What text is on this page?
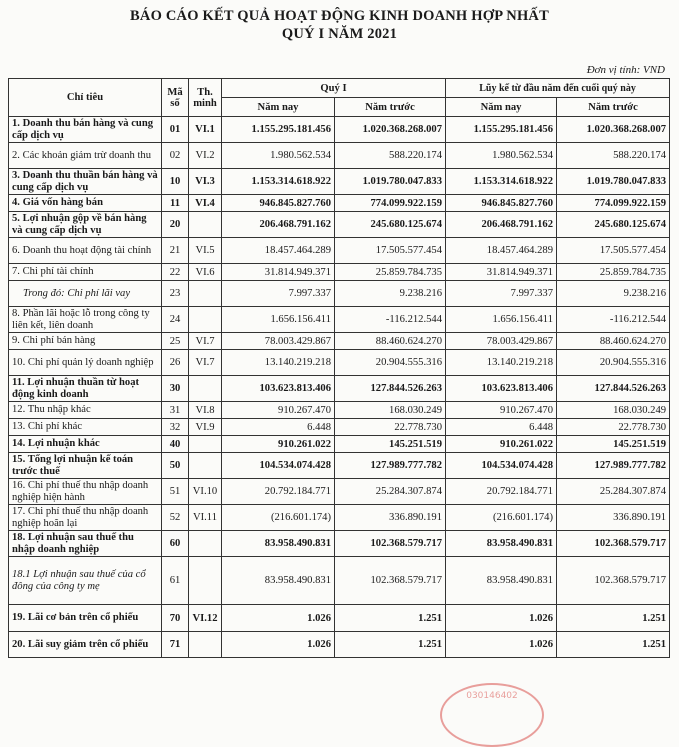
BÁO CÁO KẾT QUẢ HOẠT ĐỘNG KINH DOANH HỢP NHẤT
QUÝ I NĂM 2021
Đơn vị tính: VND
Chỉ tiêu	Mã số	Th. minh	Quý I		Lũy kế từ đầu năm đến cuối quý này	
			Năm nay	Năm trước	Năm nay	Năm trước
1. Doanh thu bán hàng và cung cấp dịch vụ	01	VI.1	1.155.295.181.456	1.020.368.268.007	1.155.295.181.456	1.020.368.268.007
2. Các khoản giảm trừ doanh thu	02	VI.2	1.980.562.534	588.220.174	1.980.562.534	588.220.174
3. Doanh thu thuần bán hàng và cung cấp dịch vụ	10	VI.3	1.153.314.618.922	1.019.780.047.833	1.153.314.618.922	1.019.780.047.833
4. Giá vốn hàng bán	11	VI.4	946.845.827.760	774.099.922.159	946.845.827.760	774.099.922.159
5. Lợi nhuận gộp về bán hàng và cung cấp dịch vụ	20		206.468.791.162	245.680.125.674	206.468.791.162	245.680.125.674
6. Doanh thu hoạt động tài chính	21	VI.5	18.457.464.289	17.505.577.454	18.457.464.289	17.505.577.454
7. Chi phí tài chính	22	VI.6	31.814.949.371	25.859.784.735	31.814.949.371	25.859.784.735
Trong đó: Chi phí lãi vay	23		7.997.337	9.238.216	7.997.337	9.238.216
8. Phần lãi hoặc lỗ trong công ty liên kết, liên doanh	24		1.656.156.411	-116.212.544	1.656.156.411	-116.212.544
9. Chi phí bán hàng	25	VI.7	78.003.429.867	88.460.624.270	78.003.429.867	88.460.624.270
10. Chi phí quản lý doanh nghiệp	26	VI.7	13.140.219.218	20.904.555.316	13.140.219.218	20.904.555.316
11. Lợi nhuận thuần từ hoạt động kinh doanh	30		103.623.813.406	127.844.526.263	103.623.813.406	127.844.526.263
12. Thu nhập khác	31	VI.8	910.267.470	168.030.249	910.267.470	168.030.249
13. Chi phí khác	32	VI.9	6.448	22.778.730	6.448	22.778.730
14. Lợi nhuận khác	40		910.261.022	145.251.519	910.261.022	145.251.519
15. Tổng lợi nhuận kế toán trước thuế	50		104.534.074.428	127.989.777.782	104.534.074.428	127.989.777.782
16. Chi phí thuế thu nhập doanh nghiệp hiện hành	51	VI.10	20.792.184.771	25.284.307.874	20.792.184.771	25.284.307.874
17. Chi phí thuế thu nhập doanh nghiệp hoãn lại	52	VI.11	(216.601.174)	336.890.191	(216.601.174)	336.890.191
18. Lợi nhuận sau thuế thu nhập doanh nghiệp	60		83.958.490.831	102.368.579.717	83.958.490.831	102.368.579.717
18.1 Lợi nhuận sau thuế của cổ đông của công ty mẹ	61		83.958.490.831	102.368.579.717	83.958.490.831	102.368.579.717
19. Lãi cơ bản trên cổ phiếu	70	VI.12	1.026	1.251	1.026	1.251
20. Lãi suy giảm trên cổ phiếu	71		1.026	1.251	1.026	1.251
030146402
